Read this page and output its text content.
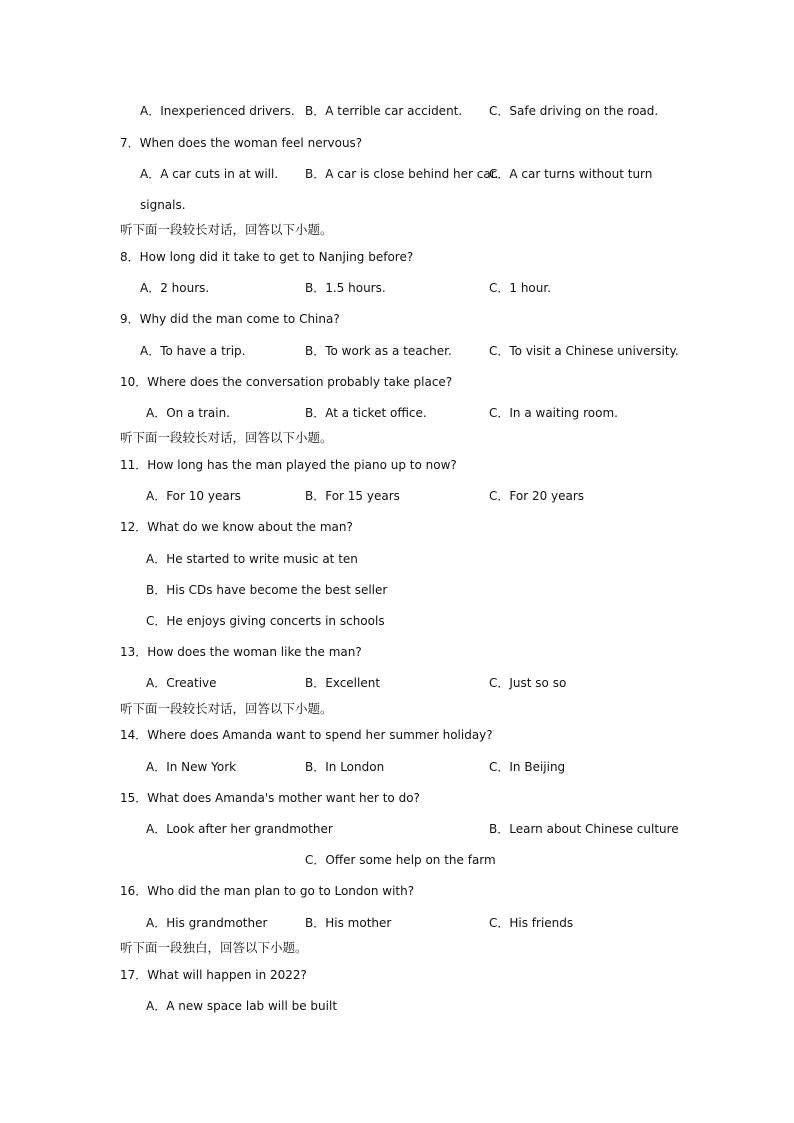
A．Inexperienced drivers. B．A terrible car accident. C．Safe driving on the road.
7．When does the woman feel nervous?
A．A car cuts in at will. B．A car is close behind her car.
C．A car turns without turn
signals.
听下面一段较长对话，回答以下小题。
8．How long did it take to get to Nanjing before?
A．2 hours.	B．1.5 hours.	C．1 hour.
9．Why did the man come to China?
A．To have a trip.	B．To work as a teacher.	C．To visit a Chinese university.
10．Where does the conversation probably take place?
A．On a train.	B．At a ticket office.	C．In a waiting room.
听下面一段较长对话，回答以下小题。
11．How long has the man played the piano up to now?
A．For 10 years	B．For 15 years	C．For 20 years
12．What do we know about the man?
A．He started to write music at ten
B．His CDs have become the best seller
C．He enjoys giving concerts in schools
13．How does the woman like the man?
A．Creative	B．Excellent	C．Just so so
听下面一段较长对话，回答以下小题。
14．Where does Amanda want to spend her summer holiday?
A．In New York	B．In London	C．In Beijing
15．What does Amanda's mother want her to do?
A．Look after her grandmother	B．Learn about Chinese culture
C．Offer some help on the farm
16．Who did the man plan to go to London with?
A．His grandmother	B．His mother	C．His friends
听下面一段独白，回答以下小题。
17．What will happen in 2022?
A．A new space lab will be built
